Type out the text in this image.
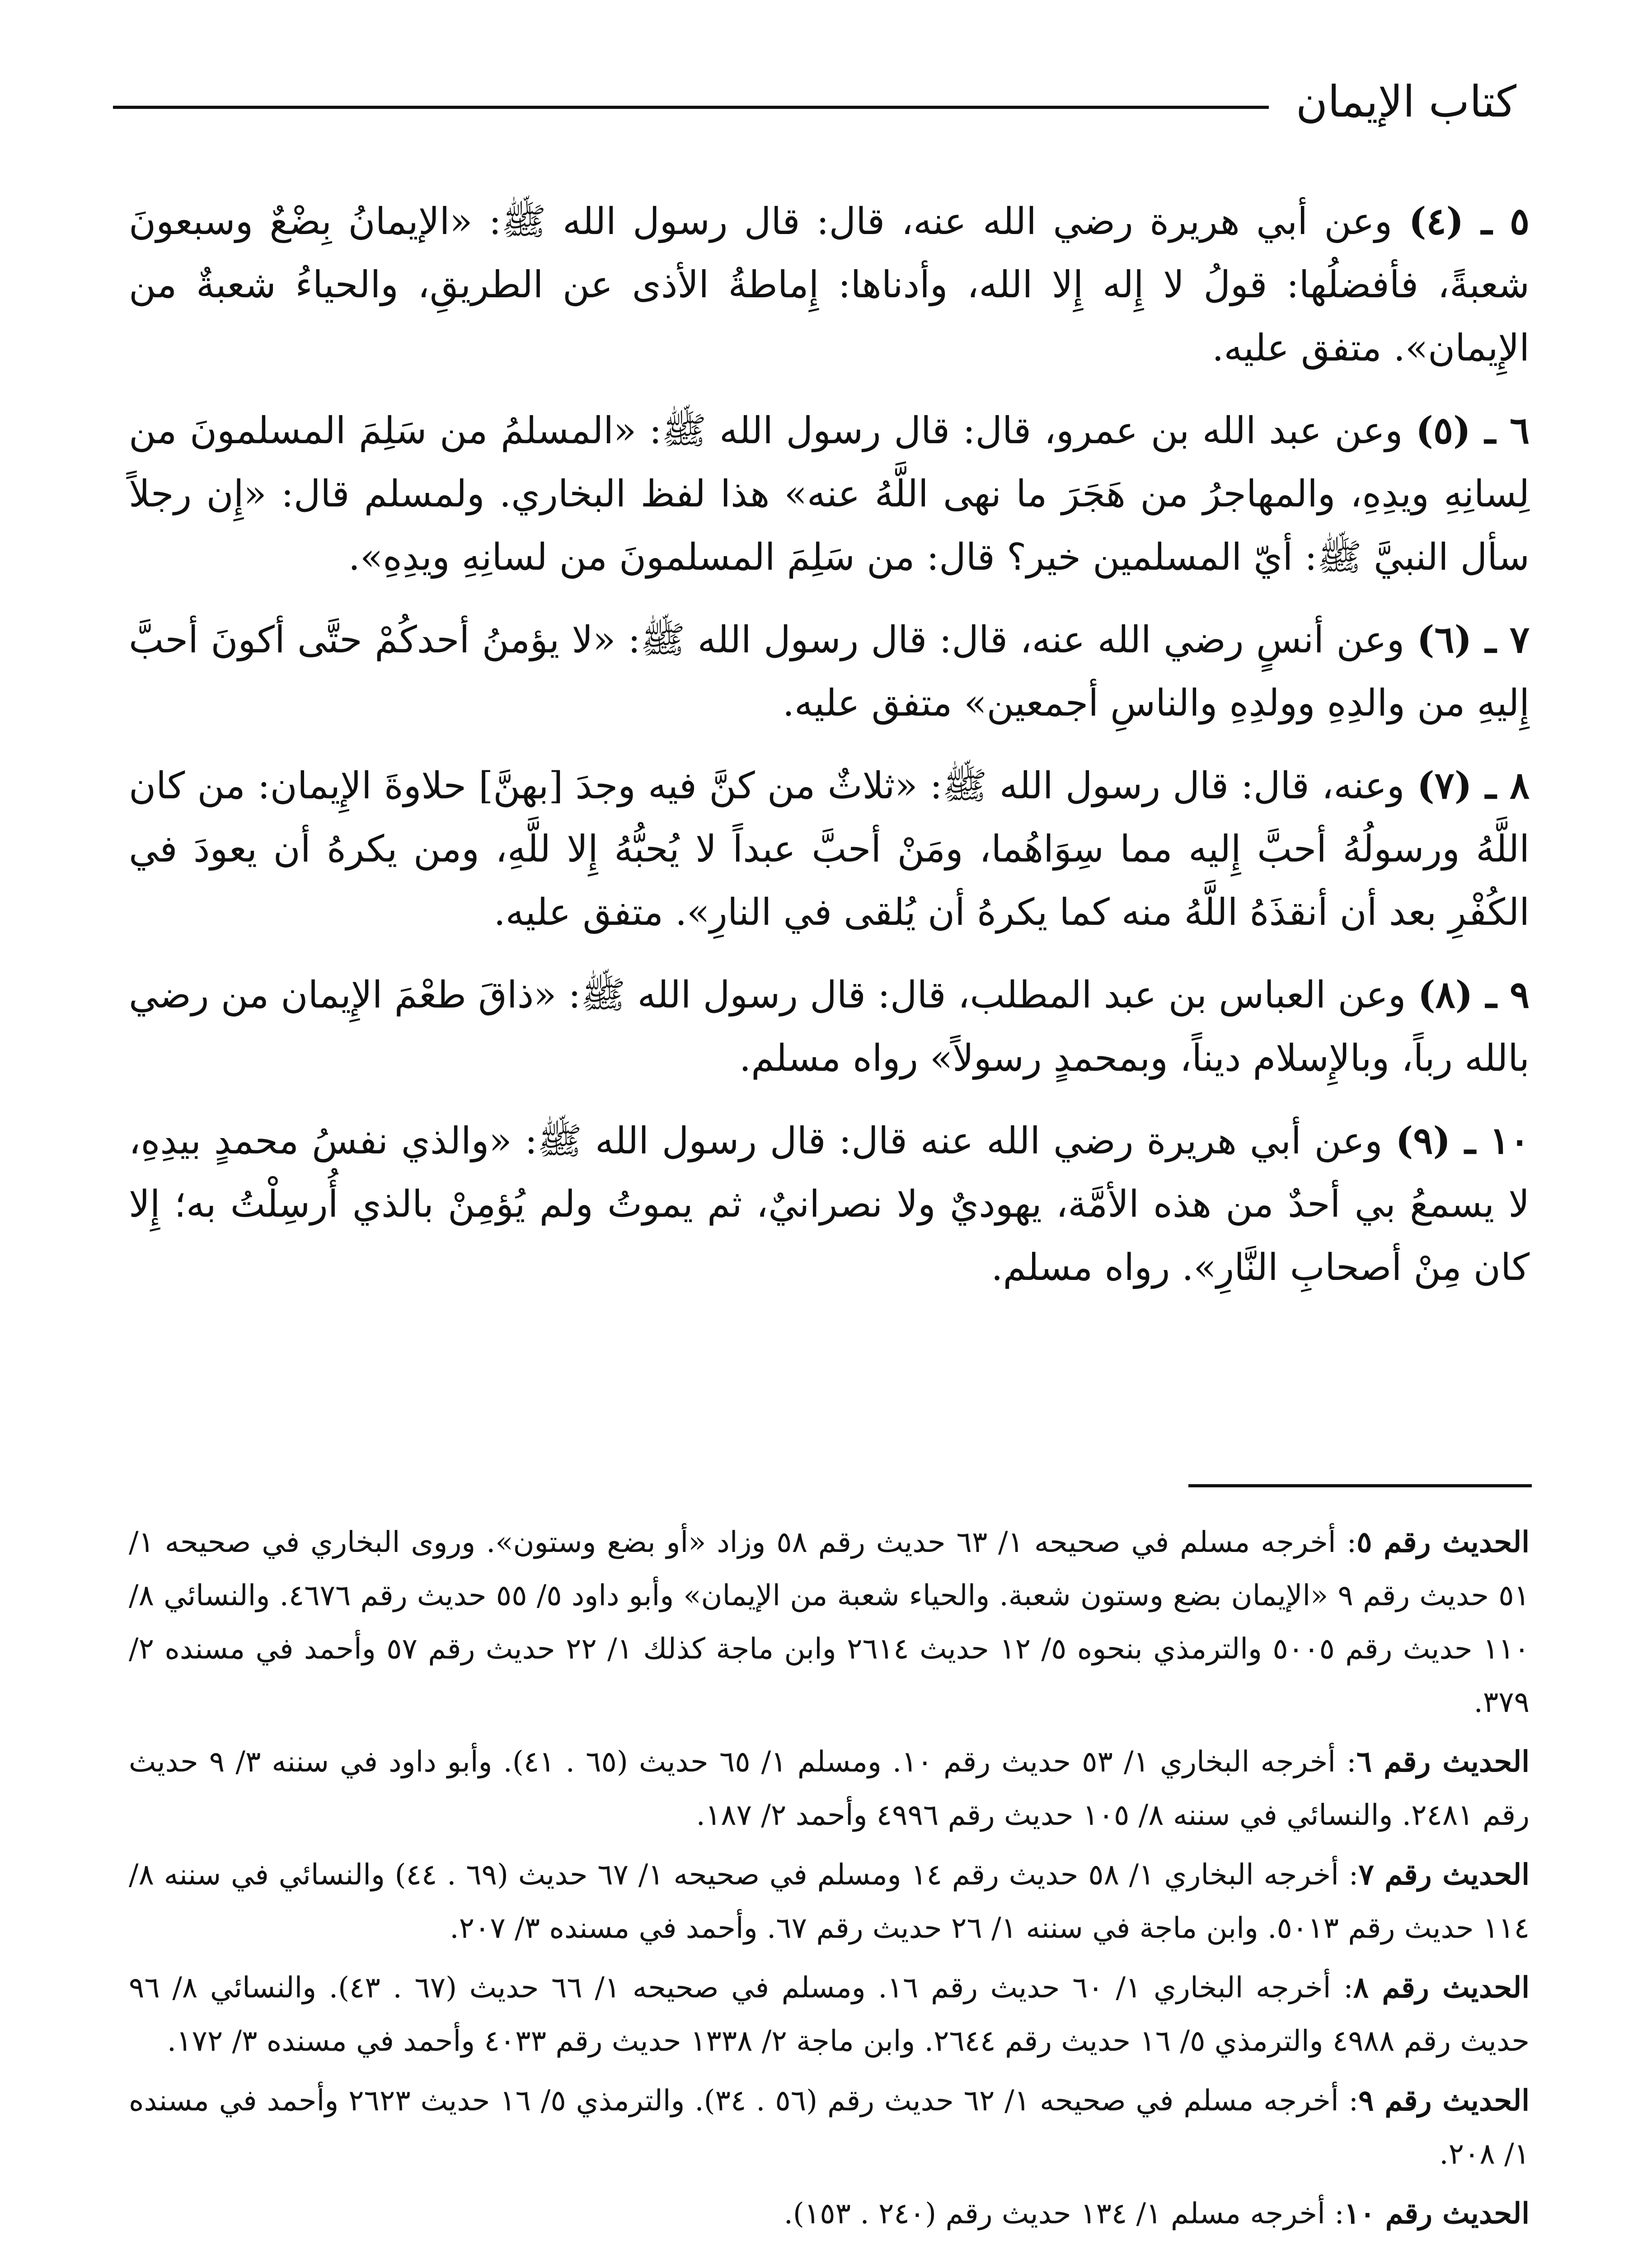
كتاب الإيمان

٥ ـ (٤) وعن أبي هريرة رضي الله عنه، قال: قال رسول الله ﷺ: «الإيمانُ بِضْعٌ وسبعونَ شعبةً، فأفضلُها: قولُ لا إِله إِلا الله، وأدناها: إِماطةُ الأذى عن الطريقِ، والحياءُ شعبةٌ من الإِيمان». متفق عليه.

٦ ـ (٥) وعن عبد الله بن عمرو، قال: قال رسول الله ﷺ: «المسلمُ من سَلِمَ المسلمونَ من لِسانِهِ ويدِهِ، والمهاجرُ من هَجَرَ ما نهى اللَّهُ عنه» هذا لفظ البخاري. ولمسلم قال: «إِن رجلاً سأل النبيَّ ﷺ: أيّ المسلمين خير؟ قال: من سَلِمَ المسلمونَ من لسانِهِ ويدِهِ».

٧ ـ (٦) وعن أنسٍ رضي الله عنه، قال: قال رسول الله ﷺ: «لا يؤمنُ أحدكُمْ حتَّى أكونَ أحبَّ إِليهِ من والدِهِ وولدِهِ والناسِ أجمعين» متفق عليه.

٨ ـ (٧) وعنه، قال: قال رسول الله ﷺ: «ثلاثٌ من كنَّ فيه وجدَ [بهنَّ] حلاوةَ الإِيمان: من كان اللَّهُ ورسولُهُ أحبَّ إِليه مما سِوَاهُما، ومَنْ أحبَّ عبداً لا يُحبُّهُ إِلا للَّهِ، ومن يكرهُ أن يعودَ في الكُفْرِ بعد أن أنقذَهُ اللَّهُ منه كما يكرهُ أن يُلقى في النارِ». متفق عليه.

٩ ـ (٨) وعن العباس بن عبد المطلب، قال: قال رسول الله ﷺ: «ذاقَ طعْمَ الإِيمان من رضي بالله رباً، وبالإِسلام ديناً، وبمحمدٍ رسولاً» رواه مسلم.

١٠ ـ (٩) وعن أبي هريرة رضي الله عنه قال: قال رسول الله ﷺ: «والذي نفسُ محمدٍ بيدِهِ، لا يسمعُ بي أحدٌ من هذه الأمَّة، يهوديٌ ولا نصرانيٌ، ثم يموتُ ولم يُؤمِنْ بالذي أُرسِلْتُ به؛ إِلا كان مِنْ أصحابِ النَّارِ». رواه مسلم.

الحديث رقم ٥: أخرجه مسلم في صحيحه ١/ ٦٣ حديث رقم ٥٨ وزاد «أو بضع وستون». وروى البخاري في صحيحه ١/ ٥١ حديث رقم ٩ «الإيمان بضع وستون شعبة. والحياء شعبة من الإيمان» وأبو داود ٥/ ٥٥ حديث رقم ٤٦٧٦. والنسائي ٨/ ١١٠ حديث رقم ٥٠٠٥ والترمذي بنحوه ٥/ ١٢ حديث ٢٦١٤ وابن ماجة كذلك ١/ ٢٢ حديث رقم ٥٧ وأحمد في مسنده ٢/ ٣٧٩.

الحديث رقم ٦: أخرجه البخاري ١/ ٥٣ حديث رقم ١٠. ومسلم ١/ ٦٥ حديث (٦٥ . ٤١). وأبو داود في سننه ٣/ ٩ حديث رقم ٢٤٨١. والنسائي في سننه ٨/ ١٠٥ حديث رقم ٤٩٩٦ وأحمد ٢/ ١٨٧.

الحديث رقم ٧: أخرجه البخاري ١/ ٥٨ حديث رقم ١٤ ومسلم في صحيحه ١/ ٦٧ حديث (٦٩ . ٤٤) والنسائي في سننه ٨/ ١١٤ حديث رقم ٥٠١٣. وابن ماجة في سننه ١/ ٢٦ حديث رقم ٦٧. وأحمد في مسنده ٣/ ٢٠٧.

الحديث رقم ٨: أخرجه البخاري ١/ ٦٠ حديث رقم ١٦. ومسلم في صحيحه ١/ ٦٦ حديث (٦٧ . ٤٣). والنسائي ٨/ ٩٦ حديث رقم ٤٩٨٨ والترمذي ٥/ ١٦ حديث رقم ٢٦٤٤. وابن ماجة ٢/ ١٣٣٨ حديث رقم ٤٠٣٣ وأحمد في مسنده ٣/ ١٧٢.

الحديث رقم ٩: أخرجه مسلم في صحيحه ١/ ٦٢ حديث رقم (٥٦ . ٣٤). والترمذي ٥/ ١٦ حديث ٢٦٢٣ وأحمد في مسنده ١/ ٢٠٨.

الحديث رقم ١٠: أخرجه مسلم ١/ ١٣٤ حديث رقم (٢٤٠ . ١٥٣).
